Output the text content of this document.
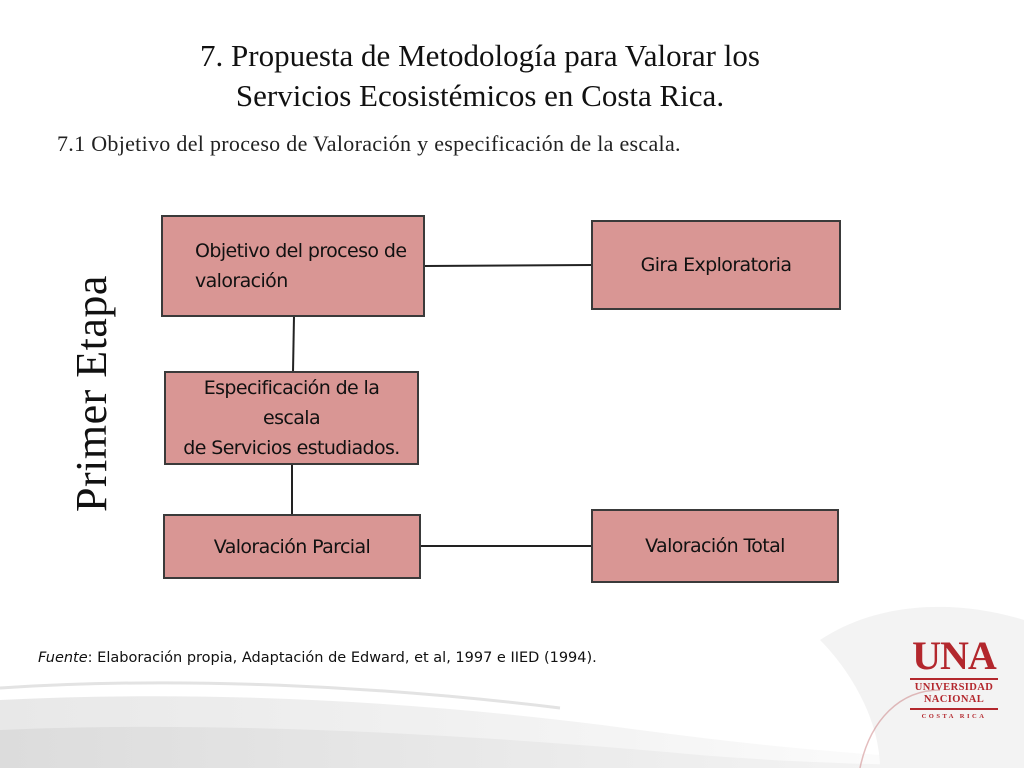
7. Propuesta de Metodología para Valorar los
Servicios Ecosistémicos en Costa Rica.
7.1 Objetivo del proceso de Valoración y especificación de la escala.
Primer Etapa
Objetivo del proceso de
valoración
Gira Exploratoria
Especificación de la escala
de Servicios estudiados.
Valoración Parcial	Valoración Total
Fuente: Elaboración propia, Adaptación de Edward, et al, 1997 e IIED (1994).	UNA
UNIVERSIDAD
NACIONAL
COSTA RICA
